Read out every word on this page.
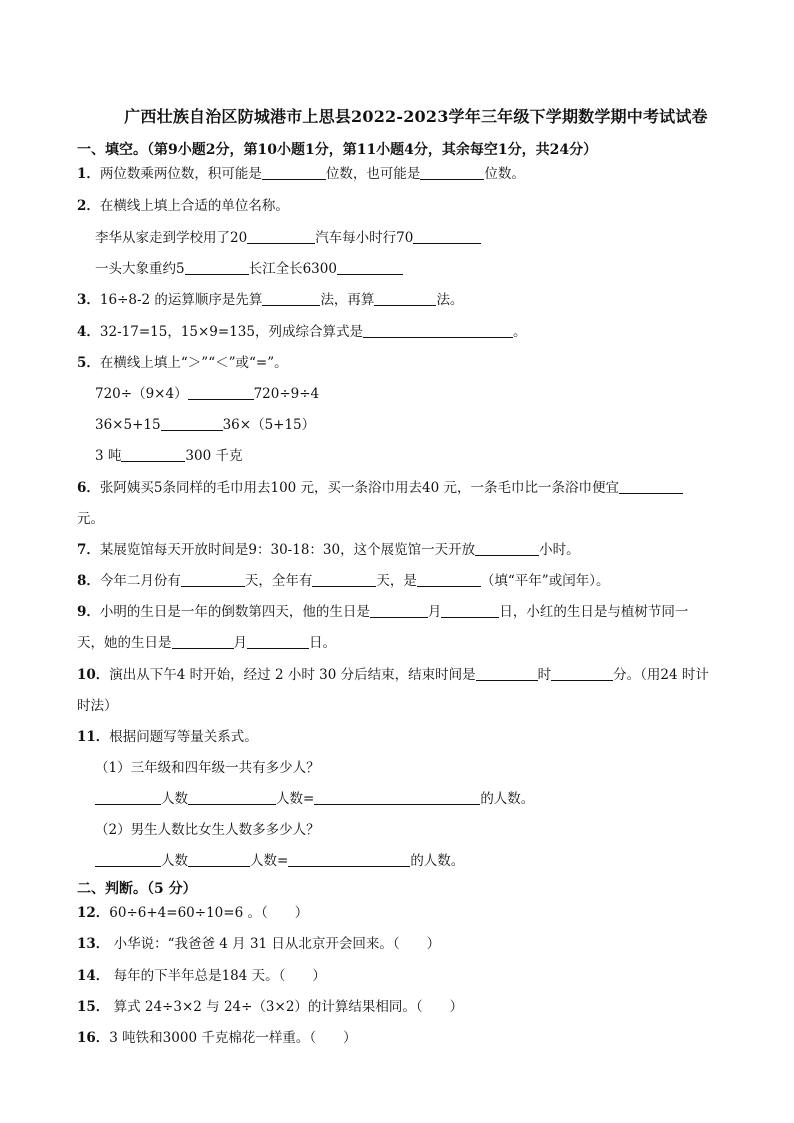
广西壮族自治区防城港市上思县2022-2023学年三年级下学期数学期中考试试卷
一、填空。（第9小题2分，第10小题1分，第11小题4分，其余每空1分，共24分）
1．两位数乘两位数，积可能是	位数，也可能是	位数。
2．在横线上填上合适的单位名称。
李华从家走到学校用了20	汽车每小时行70
一头大象重约5	长江全长6300
3．16÷8-2 的运算顺序是先算	法，再算	法。
4．32-17=15，15×9=135，列成综合算式是	。
5．在横线上填上“＞”“＜”或“=”。
720÷（9×4）	720÷9÷4
36×5+15	36×（5+15）
3 吨	300 千克
6．张阿姨买5条同样的毛巾用去100 元，买一条浴巾用去40 元，一条毛巾比一条浴巾便宜
元。
7．某展览馆每天开放时间是9：30-18：30，这个展览馆一天开放	小时。
8．今年二月份有	天，全年有	天，是	（填“平年”或闰年）。
9．小明的生日是一年的倒数第四天，他的生日是	月	日，小红的生日是与植树节同一
天，她的生日是	月	日。
10．演出从下午4 时开始，经过 2 小时 30 分后结束，结束时间是	时	分。（用24 时计
时法）
11．根据问题写等量关系式。
（1）三年级和四年级一共有多少人？
人数	人数=	的人数。
（2）男生人数比女生人数多多少人？
人数	人数=	的人数。
二、判断。（5 分）
12．60÷6+4=60÷10=6 。（　　）
13． 小华说：“我爸爸 4 月 31 日从北京开会回来。（　　）
14． 每年的下半年总是184 天。（　　）
15． 算式 24÷3×2 与 24÷（3×2）的计算结果相同。（　　）
16．3 吨铁和3000 千克棉花一样重。（　　）
